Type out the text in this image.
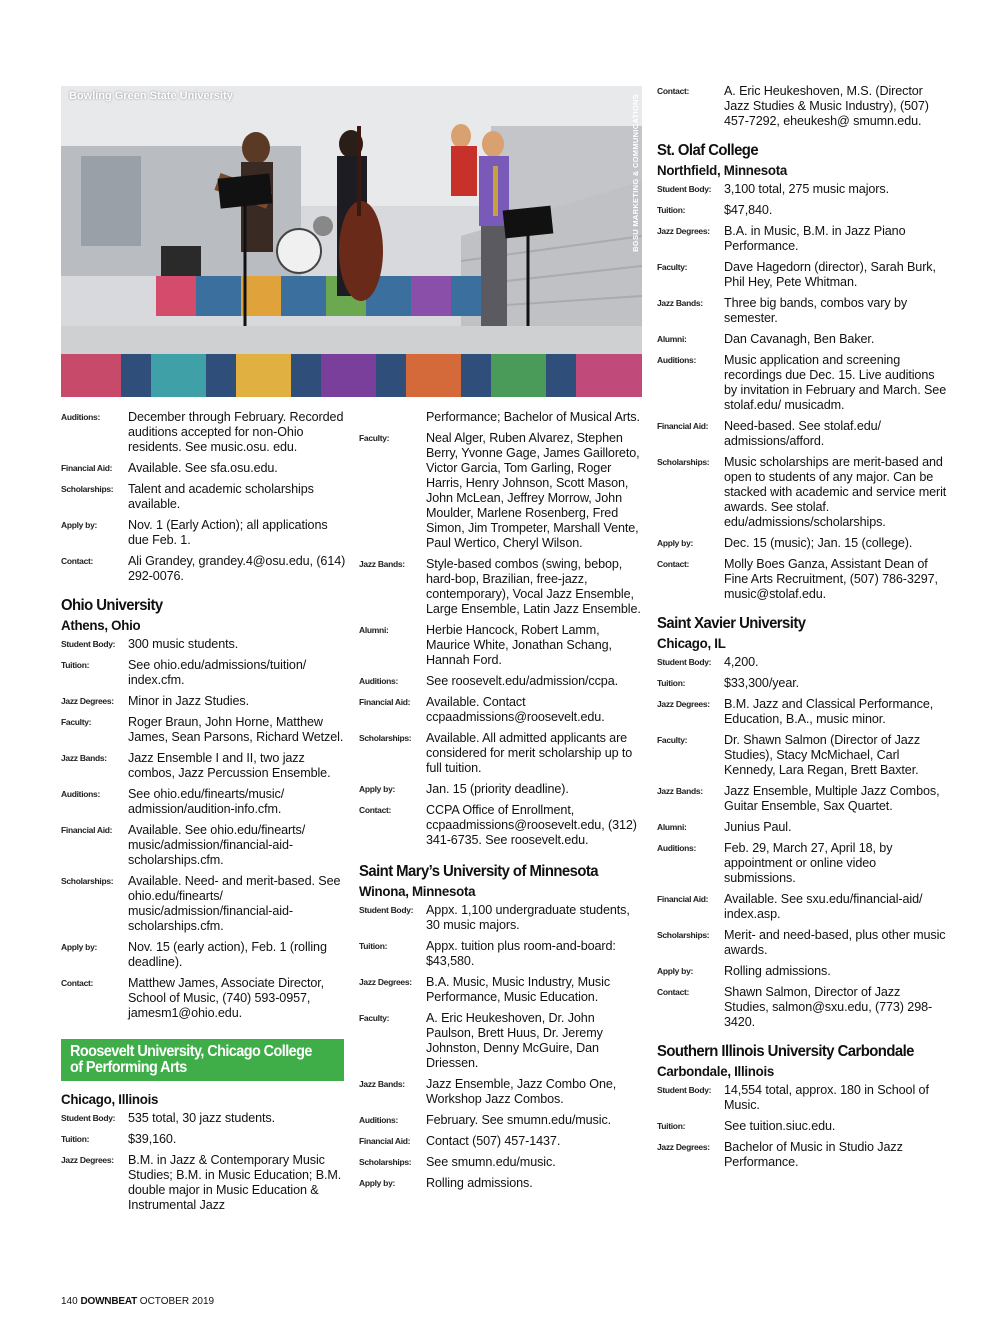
Bowling Green State University	BGSU MARKETING & COMMUNICATIONS
Auditions:	December through February. Recorded auditions accepted for non-Ohio residents. See music.osu. edu.
Financial Aid:	Available. See sfa.osu.edu.
Scholarships:	Talent and academic scholarships available.
Apply by:	Nov. 1 (Early Action); all applications due Feb. 1.
Contact:	Ali Grandey, grandey.4@osu.edu, (614) 292-0076.
Ohio University
Athens, Ohio
Student Body:	300 music students.
Tuition:	See ohio.edu/admissions/tuition/ index.cfm.
Jazz Degrees:	Minor in Jazz Studies.
Faculty:	Roger Braun, John Horne, Matthew James, Sean Parsons, Richard Wetzel.
Jazz Bands:	Jazz Ensemble I and II, two jazz combos, Jazz Percussion Ensemble.
Auditions:	See ohio.edu/finearts/music/ admission/audition-info.cfm.
Financial Aid:	Available. See ohio.edu/finearts/ music/admission/financial-aid-scholarships.cfm.
Scholarships:	Available. Need- and merit-based. See ohio.edu/finearts/ music/admission/financial-aid-scholarships.cfm.
Apply by:	Nov. 15 (early action), Feb. 1 (rolling deadline).
Contact:	Matthew James, Associate Director, School of Music, (740) 593-0957, jamesm1@ohio.edu.
Roosevelt University, Chicago College of Performing Arts
Chicago, Illinois
Student Body:	535 total, 30 jazz students.
Tuition:	$39,160.
Jazz Degrees:	B.M. in Jazz & Contemporary Music Studies; B.M. in Music Education; B.M. double major in Music Education & Instrumental Jazz
Performance; Bachelor of Musical Arts.
Faculty:	Neal Alger, Ruben Alvarez, Stephen Berry, Yvonne Gage, James Gailloreto, Victor Garcia, Tom Garling, Roger Harris, Henry Johnson, Scott Mason, John McLean, Jeffrey Morrow, John Moulder, Marlene Rosenberg, Fred Simon, Jim Trompeter, Marshall Vente, Paul Wertico, Cheryl Wilson.
Jazz Bands:	Style-based combos (swing, bebop, hard-bop, Brazilian, free-jazz, contemporary), Vocal Jazz Ensemble, Large Ensemble, Latin Jazz Ensemble.
Alumni:	Herbie Hancock, Robert Lamm, Maurice White, Jonathan Schang, Hannah Ford.
Auditions:	See roosevelt.edu/admission/ccpa.
Financial Aid:	Available. Contact ccpaadmissions@roosevelt.edu.
Scholarships:	Available. All admitted applicants are considered for merit scholarship up to full tuition.
Apply by:	Jan. 15 (priority deadline).
Contact:	CCPA Office of Enrollment, ccpaadmissions@roosevelt.edu, (312) 341-6735. See roosevelt.edu.
Saint Mary’s University of Minnesota
Winona, Minnesota
Student Body:	Appx. 1,100 undergraduate students, 30 music majors.
Tuition:	Appx. tuition plus room-and-board: $43,580.
Jazz Degrees:	B.A. Music, Music Industry, Music Performance, Music Education.
Faculty:	A. Eric Heukeshoven, Dr. John Paulson, Brett Huus, Dr. Jeremy Johnston, Denny McGuire, Dan Driessen.
Jazz Bands:	Jazz Ensemble, Jazz Combo One, Workshop Jazz Combos.
Auditions:	February. See smumn.edu/music.
Financial Aid:	Contact (507) 457-1437.
Scholarships:	See smumn.edu/music.
Apply by:	Rolling admissions.
Contact:	A. Eric Heukeshoven, M.S. (Director Jazz Studies & Music Industry), (507) 457-7292, eheukesh@ smumn.edu.
St. Olaf College
Northfield, Minnesota
Student Body:	3,100 total, 275 music majors.
Tuition:	$47,840.
Jazz Degrees:	B.A. in Music, B.M. in Jazz Piano Performance.
Faculty:	Dave Hagedorn (director), Sarah Burk, Phil Hey, Pete Whitman.
Jazz Bands:	Three big bands, combos vary by semester.
Alumni:	Dan Cavanagh, Ben Baker.
Auditions:	Music application and screening recordings due Dec. 15. Live auditions by invitation in February and March. See stolaf.edu/ musicadm.
Financial Aid:	Need-based. See stolaf.edu/ admissions/afford.
Scholarships:	Music scholarships are merit-based and open to students of any major. Can be stacked with academic and service merit awards. See stolaf. edu/admissions/scholarships.
Apply by:	Dec. 15 (music); Jan. 15 (college).
Contact:	Molly Boes Ganza, Assistant Dean of Fine Arts Recruitment, (507) 786-3297, music@stolaf.edu.
Saint Xavier University
Chicago, IL
Student Body:	4,200.
Tuition:	$33,300/year.
Jazz Degrees:	B.M. Jazz and Classical Performance, Education, B.A., music minor.
Faculty:	Dr. Shawn Salmon (Director of Jazz Studies), Stacy McMichael, Carl Kennedy, Lara Regan, Brett Baxter.
Jazz Bands:	Jazz Ensemble, Multiple Jazz Combos, Guitar Ensemble, Sax Quartet.
Alumni:	Junius Paul.
Auditions:	Feb. 29, March 27, April 18, by appointment or online video submissions.
Financial Aid:	Available. See sxu.edu/financial-aid/ index.asp.
Scholarships:	Merit- and need-based, plus other music awards.
Apply by:	Rolling admissions.
Contact:	Shawn Salmon, Director of Jazz Studies, salmon@sxu.edu, (773) 298-3420.
Southern Illinois University Carbondale
Carbondale, Illinois
Student Body:	14,554 total, approx. 180 in School of Music.
Tuition:	See tuition.siuc.edu.
Jazz Degrees:	Bachelor of Music in Studio Jazz Performance.
140 DOWNBEAT OCTOBER 2019
